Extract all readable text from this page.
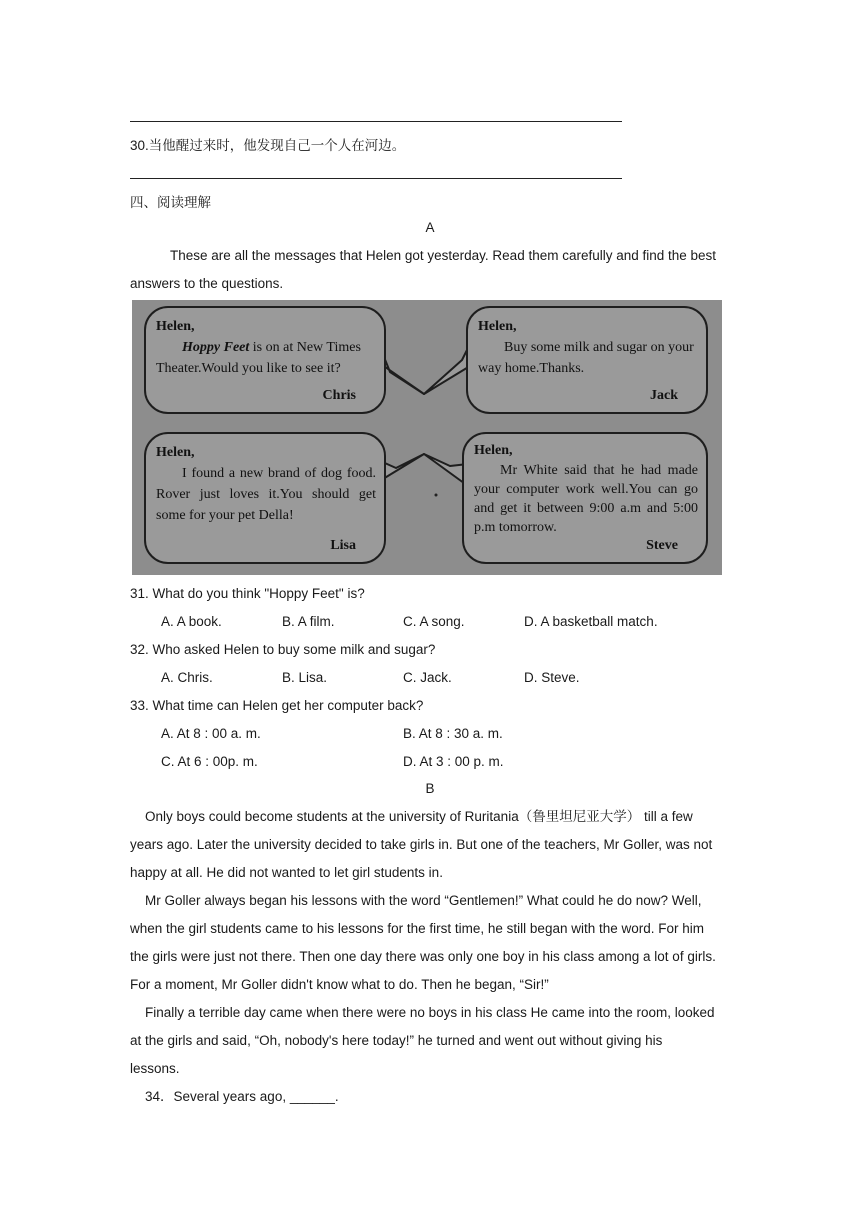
30.当他醒过来时，他发现自己一个人在河边。
四、阅读理解
A

These are all the messages that Helen got yesterday. Read them carefully and find the best

answers to the questions.

Helen,
Hoppy Feet is on at New Times Theater.Would you like to see it?
Chris
Helen,
Buy some milk and sugar on your way home.Thanks.
Jack
Helen,
I found a new brand of dog food. Rover just loves it.You should get some for your pet Della!
Lisa
Helen,
Mr White said that he had made your computer work well.You can go and get it between 9:00 a.m and 5:00 p.m tomorrow.
Steve
31. What do you think "Hoppy Feet" is?
A. A book.	B. A film.	C. A song.	D. A basketball match.
32. Who asked Helen to buy some milk and sugar?
A. Chris.	B. Lisa.	C. Jack.	D. Steve.
33. What time can Helen get her computer back?
A. At 8 : 00 a. m.	B. At 8 : 30 a. m.
C. At 6 : 00p. m.	D. At 3 : 00 p. m.
B

Only boys could become students at the university of Ruritania（鲁里坦尼亚大学） till a few

years ago. Later the university decided to take girls in. But one of the teachers, Mr Goller, was not

happy at all. He did not wanted to let girl students in.

Mr Goller always began his lessons with the word “Gentlemen!” What could he do now? Well,

when the girl students came to his lessons for the first time, he still began with the word. For him

the girls were just not there. Then one day there was only one boy in his class among a lot of girls.

For a moment, Mr Goller didn't know what to do. Then he began, “Sir!”

Finally a terrible day came when there were no boys in his class He came into the room, looked

at the girls and said, “Oh, nobody's here today!” he turned and went out without giving his

lessons.

34．Several years ago, ______.
